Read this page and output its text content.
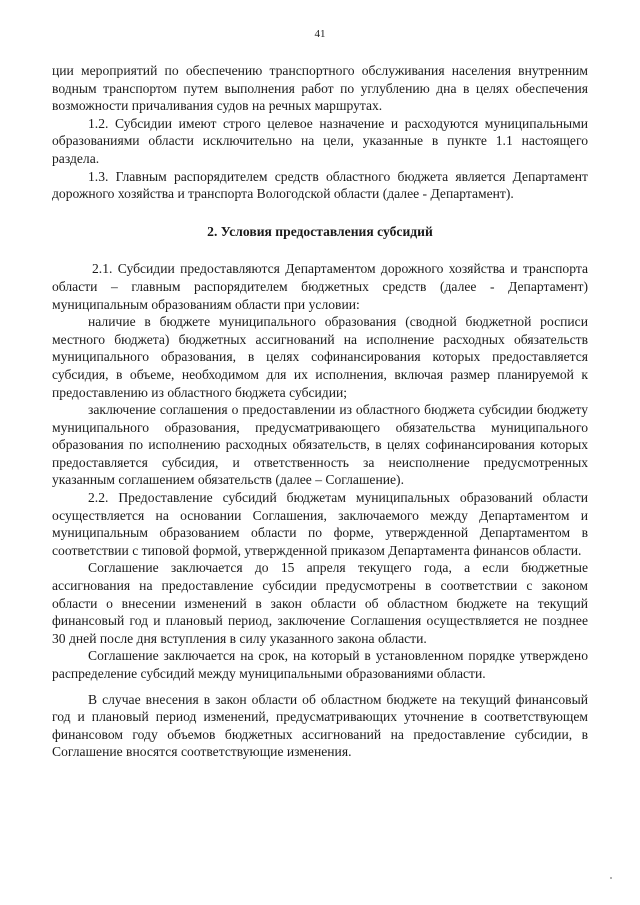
41

ции мероприятий по обеспечению транспортного обслуживания населения внутренним водным транспортом путем выполнения работ по углублению дна в целях обеспечения возможности причаливания судов на речных маршрутах.

1.2. Субсидии имеют строго целевое назначение и расходуются муниципальными образованиями области исключительно на цели, указанные в пункте 1.1 настоящего раздела.

1.3. Главным распорядителем средств областного бюджета является Департамент дорожного хозяйства и транспорта Вологодской области (далее - Департамент).

2. Условия предоставления субсидий

2.1. Субсидии предоставляются Департаментом дорожного хозяйства и транспорта области – главным распорядителем бюджетных средств (далее - Департамент) муниципальным образованиям области при условии:

наличие в бюджете муниципального образования (сводной бюджетной росписи местного бюджета) бюджетных ассигнований на исполнение расходных обязательств муниципального образования, в целях софинансирования которых предоставляется субсидия, в объеме, необходимом для их исполнения, включая размер планируемой к предоставлению из областного бюджета субсидии;

заключение соглашения о предоставлении из областного бюджета субсидии бюджету муниципального образования, предусматривающего обязательства муниципального образования по исполнению расходных обязательств, в целях софинансирования которых предоставляется субсидия, и ответственность за неисполнение предусмотренных указанным соглашением обязательств (далее – Соглашение).

2.2. Предоставление субсидий бюджетам муниципальных образований области осуществляется на основании Соглашения, заключаемого между Департаментом и муниципальным образованием области по форме, утвержденной Департаментом в соответствии с типовой формой, утвержденной приказом Департамента финансов области.

Соглашение заключается до 15 апреля текущего года, а если бюджетные ассигнования на предоставление субсидии предусмотрены в соответствии с законом области о внесении изменений в закон области об областном бюджете на текущий финансовый год и плановый период, заключение Соглашения осуществляется не позднее 30 дней после дня вступления в силу указанного закона области.

Соглашение заключается на срок, на который в установленном порядке утверждено распределение субсидий между муниципальными образованиями области.

В случае внесения в закон области об областном бюджете на текущий финансовый год и плановый период изменений, предусматривающих уточнение в соответствующем финансовом году объемов бюджетных ассигнований на предоставление субсидии, в Соглашение вносятся соответствующие изменения.
